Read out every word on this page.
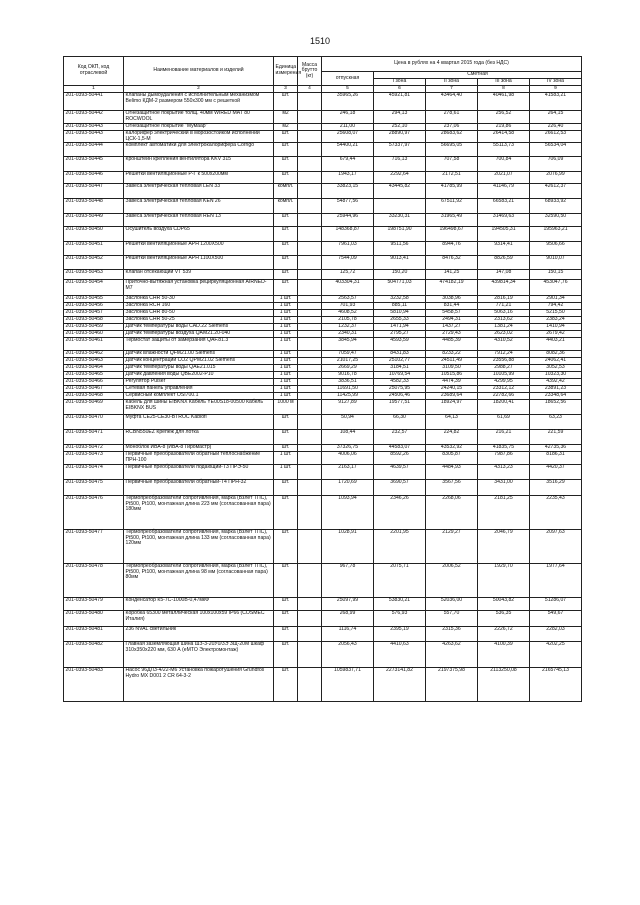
1510
Код ОКП, код отраслевой	Наименование материалов и изделий	Единица измерения	Масса брутто (кг)	Цена в рублях на 4 квартал 2015 года (без НДС)				
				отпускная	Сметная			
					I зона	II зона	III зона	IV зона
1	2	3	4	5	6	7	8	9
201-0393-50441	Клапаны дымоудаления с исполнительным механизмом Belimo КДМ-2 размером 550х300 мм с решеткой	шт.		35965,26	45921,81	43464,40	40461,98	41583,21
201-0393-50442	Огнезащитное покрытие толщ. 40мм WIRED MAT 80 ROCWOOL	м2		246,18	294,13	278,61	256,52	264,15
201-0393-50443	Огнезащитное покрытие "Мумаар"	м2		211,00	252,10	237,06	219,86	226,40
201-0393-50443	Калорифер электрический в морозостойком исполнении ЦСК-1,5-М	шт.		25608,07	28890,97	28683,62	26414,58	26612,53
201-0393-50444	Комплект автоматики для электрокалорифера Corrigo	шт.		54400,21	57337,97	56695,05	55113,73	56534,04
201-0393-50445	Кронштейн крепления вентилятора KKV 315	шт.		679,44	716,13	707,58	700,84	706,09
201-0393-50446	Решетки вентиляционные Р-Г к 500х200мм	шт.		1943,17	2292,64	2172,51	2021,07	2076,99
201-0393-50447	Завеса электрическая тепловая LEN 33	компл.		33823,15	43445,82	41785,99	41146,79	42612,37
201-0393-50448	Завеса электрическая тепловая KEN 26	компл.		54877,56		67511,92	66583,21	68933,92
201-0393-50449	Завеса электрическая тепловая REN 13	шт.		25944,96	33230,31	31965,49	31469,63	32590,50
201-0393-50450	Осушитель воздуха CDP65	шт.		148368,87	198751,90	196498,67	194505,31	195963,21
201-0393-50451	Решетки вентиляционные АРН 1200Х500	шт.		7961,03	9511,56	8944,76	9314,41	9506,66
201-0393-50452	Решетки вентиляционные АРН 1100Х500	шт.		7544,09	9013,41	8476,32	8826,59	9010,07
201-0393-50453	Клапан отсекающий VT 539	шт.		125,72	150,20	141,25	147,08	150,15
201-0393-50454	Приточно-вытяжная установка рециркуляционная AIRNED-M7	шт.		403304,31	504771,03	474182,19	439814,34	453047,76
201-0393-50455	Заслонка CHR 50-30	1 шт.		2563,57	3232,58	3038,96	2816,19	2901,34
201-0393-50456	Заслонка RCH 160	1 шт.		701,93	885,11	831,44	771,21	794,42
201-0393-50457	Заслонка CHR 80-50	1 шт.		4608,52	5810,94	5458,57	5063,16	5215,50
201-0393-50458	Заслонка CHR 50-25	1 шт.		2105,78	2655,33	2494,31	2313,62	2383,24
201-0393-50459	Датчик температуры воды CAD.22 Siemens	1 шт.		1232,37	1471,94	1437,27	1381,24	1410,94
201-0393-50460	Датчик температуры воздуха QAM21.20-040	1 шт.		2340,31	2795,27	2729,43	2623,02	2679,42
201-0393-50461	Термостат защиты от замерзания QAF.81.3	1 шт.		3845,94	4593,59	4485,39	4310,52	4403,21
201-0393-50462	Датчик влажности QFM21.00 Siemens	1 шт.		7059,47	8431,83	8233,22	7912,24	8082,36
201-0393-50463	Датчик концентрации CO2 QPM21.02 Siemens	1 шт.		21017,25	25102,77	24511,49	23556,88	24062,41
201-0393-50464	Датчик температуры воды QAE21.015	1 шт.		2669,29	3184,51	3109,50	2988,27	3052,53
201-0393-50465	Датчик давления воды QBE2002-P10	1 шт.		9016,78	10769,54	10515,86	10105,99	10323,30
201-0393-50466	Регулятор Pulser	1 шт.		3836,51	4582,33	4474,39	4299,95	4392,42
201-0393-50467	Сетевая панель управления	1 шт.		11691,50	25075,95	24240,15	23312,12	23891,23
201-0393-50468	Сервисный комплект OSI700.1	1 шт.		11425,99	24506,46	23689,64	22782,66	23348,64
201-0393-50469	Кабель для шины EIBKNX Кабель YE00S18-00500 Кабель EIBKNX BUS	1000 м		9127,89	19577,51	18924,97	18200,41	18652,56
201-0393-50470	Муфта CE25-CE30-BTROC Kabiofl	шт.		50,94	66,30	64,13	61,69	63,23
201-0393-50471	RCBN550EZ Крепеж для лотка	шт.		108,44	232,57	224,82	216,21	221,59
201-0393-50472	Моноблок ИВА-8 (ИВА-8 Гиромастр)	шт.		37326,75	44583,07	43532,92	41835,75	42735,36
201-0393-50473	Первичные преобразователи обратный теплоснабжение ПРН-100	1 шт.		4006,06	8592,26	8305,87	7987,86	8186,31
201-0393-50474	Первичные преобразователи подающий-Т3 ПРЭ-50	1 шт.		2163,17	4639,57	4484,93	4313,23	4420,37
201-0393-50475	Первичные преобразователи обратный-Т4 ПРН-32	шт.		1720,69	3690,57	3567,56	3431,00	3516,29
201-0393-50476	Термопреобразователи сопротивления, марка (Взлет ТПС), Pt500, Pt100, монтажная длина 223 мм (согласованная пара) 180мм	шт.		1093,94	2346,26	2268,06	2181,25	2235,43
201-0393-50477	Термопреобразователи сопротивления, марка (Взлет ТПС), Pt500, Pt100, монтажная длина 133 мм (согласованная пара) 120мм	шт.		1028,91	2201,95	2129,27	2046,79	2097,63
201-0393-50478	Термопреобразователи сопротивления, марка (Взлет ТПС), Pt500, Pt100, монтажная длина 98 мм (согласованная пара) 80мм	шт.		967,78	2075,71	2006,52	1929,70	1977,64
201-0393-50479	Конденсатор К5-7С-1000В-0,47мкФ	шт.		25097,99	53830,21	52036,00	50043,82	51286,07
201-0393-50480	Коробка 65300 металлическая 100х100х59 IP66 (COSMEC Италия)	шт.		268,99	576,93	557,70	536,35	549,67
201-0393-50481	236 NVAL светильник	шт.		1116,74	2395,19	2315,36	2226,72	2282,03
201-0393-50482	Главная заземляющая шина ШЗ-3-20У0/3Э ЗЩ-20М шкаф 310х350х220 мм, 630 А (eMTO Электромонтаж)	шт.		2056,43	4410,63	4263,62	4100,39	4202,25
201-0393-50483	Насос 96ДЛЗ-4/22-М6 Установка пожаротушения Grundfos Hydro MX D001 2 CR 64-3-2	шт.		1059837,71	2273141,82	2197375,98	2113250,08	2165745,13
